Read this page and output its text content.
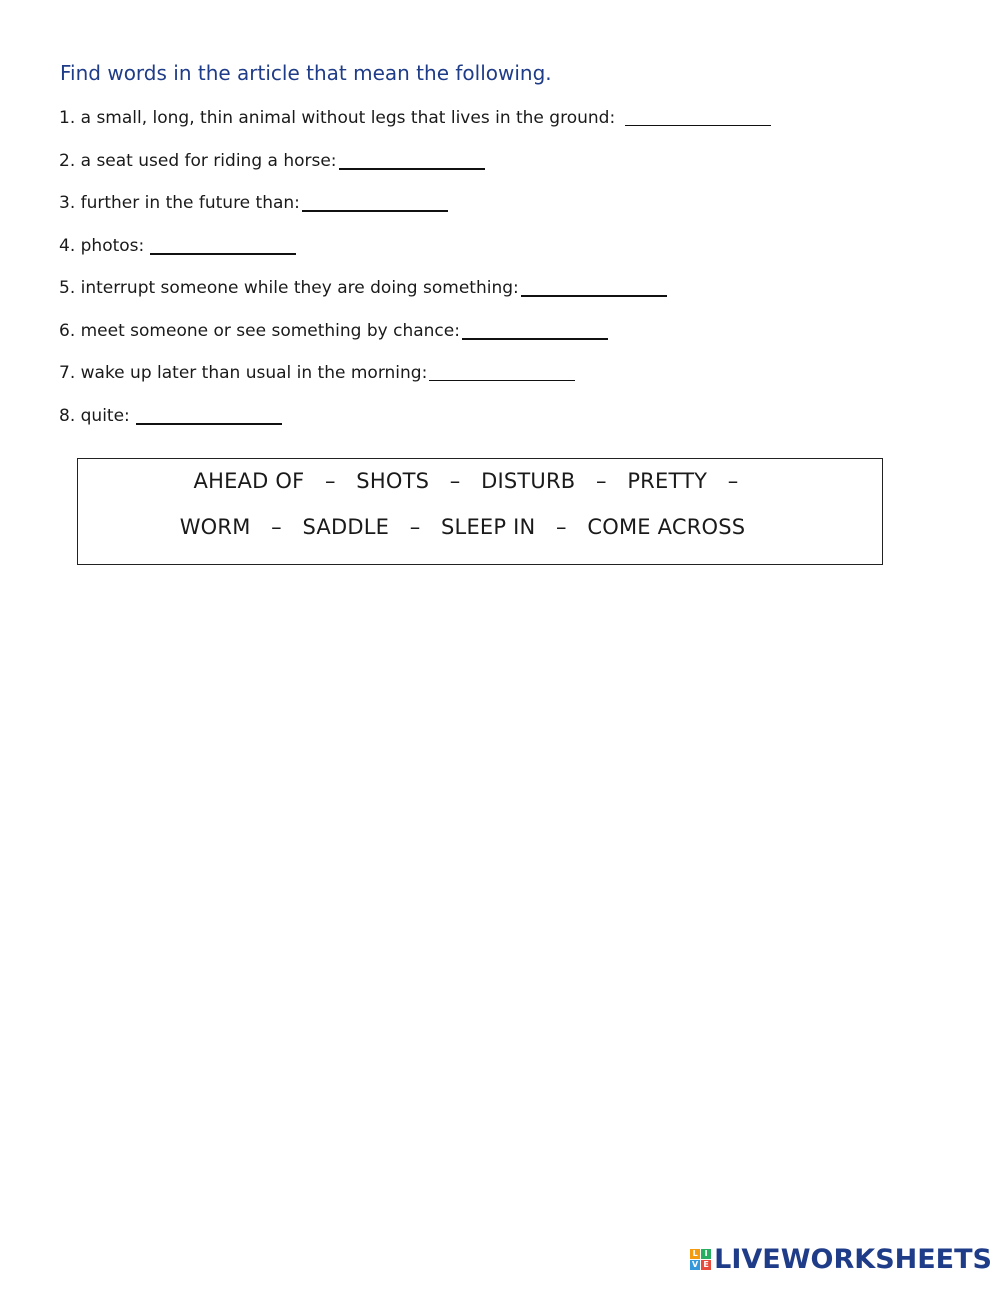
Find words in the article that mean the following.
1. a small, long, thin animal without legs that lives in the ground:
2. a seat used for riding a horse:
3. further in the future than:
4. photos:
5. interrupt someone while they are doing something:
6. meet someone or see something by chance:
7. wake up later than usual in the morning:
8. quite:
AHEAD OF   –   SHOTS   –   DISTURB   –   PRETTY   –
WORM   –   SADDLE   –   SLEEP IN   –   COME ACROSS
L I
V E LIVEWORKSHEETS
